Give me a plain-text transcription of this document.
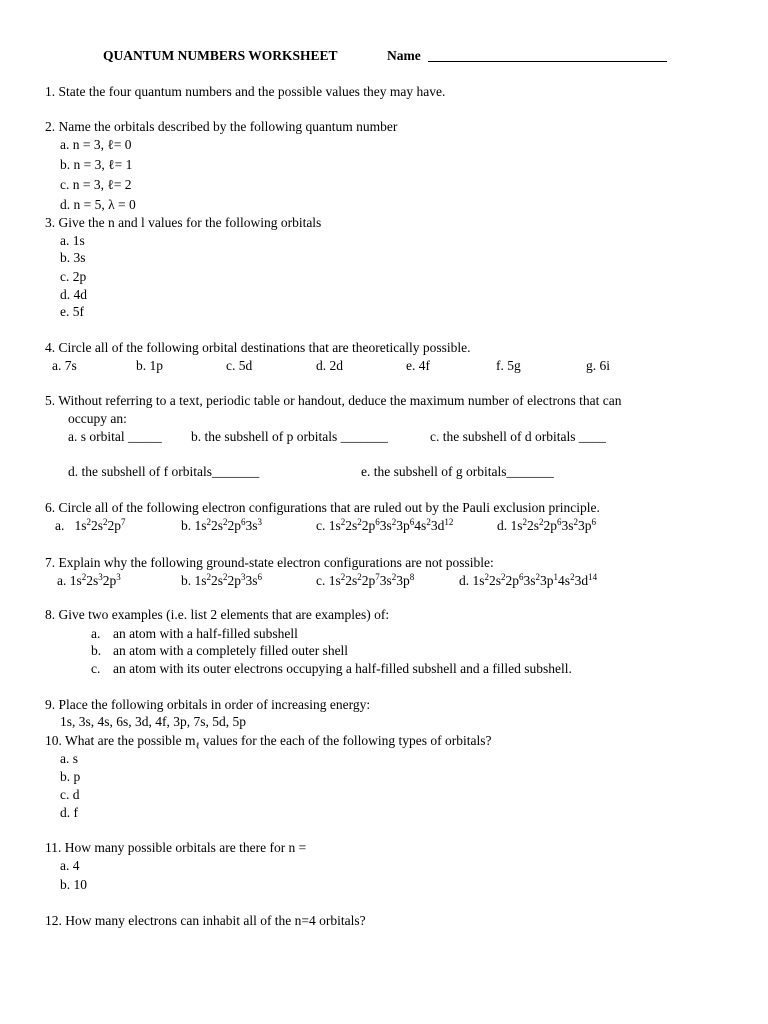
QUANTUM NUMBERS WORKSHEET	Name
1. State the four quantum numbers and the possible values they may have.
2. Name the orbitals described by the following quantum number
a. n = 3, ℓ= 0
b. n = 3, ℓ= 1
c. n = 3, ℓ= 2
d. n = 5, λ = 0
3. Give the n and l values for the following orbitals
a. 1s
b. 3s
c. 2p
d. 4d
e. 5f
4. Circle all of the following orbital destinations that are theoretically possible.
a. 7s	b. 1p	c. 5d	d. 2d	e. 4f	f. 5g	g. 6i
5. Without referring to a text, periodic table or handout, deduce the maximum number of electrons that can
occupy an:
a. s orbital _____ b. the subshell of p orbitals _______	c. the subshell of d orbitals ____
d. the subshell of f orbitals_______	e. the subshell of g orbitals_______
6. Circle all of the following electron configurations that are ruled out by the Pauli exclusion principle.
a.   $1s^22s^22p^7$	b. $1s^22s^22p^63s^3$	c. $1s^22s^22p^63s^23p^64s^23d^{12}$	d. $1s^22s^22p^63s^23p^6$
7. Explain why the following ground-state electron configurations are not possible:
a. $1s^22s^32p^3$	b. $1s^22s^22p^33s^6$	c. $1s^22s^22p^73s^23p^8$	d. $1s^22s^22p^63s^23p^14s^23d^{14}$
8. Give two examples (i.e. list 2 elements that are examples) of:
a. an atom with a half-filled subshell
b. an atom with a completely filled outer shell
c. an atom with its outer electrons occupying a half-filled subshell and a filled subshell.
9. Place the following orbitals in order of increasing energy:
1s, 3s, 4s, 6s, 3d, 4f, 3p, 7s, 5d, 5p
10. What are the possible $m_\ell$ values for the each of the following types of orbitals?
a. s
b. p
c. d
d. f
11. How many possible orbitals are there for n =
a. 4
b. 10
12. How many electrons can inhabit all of the n=4 orbitals?
